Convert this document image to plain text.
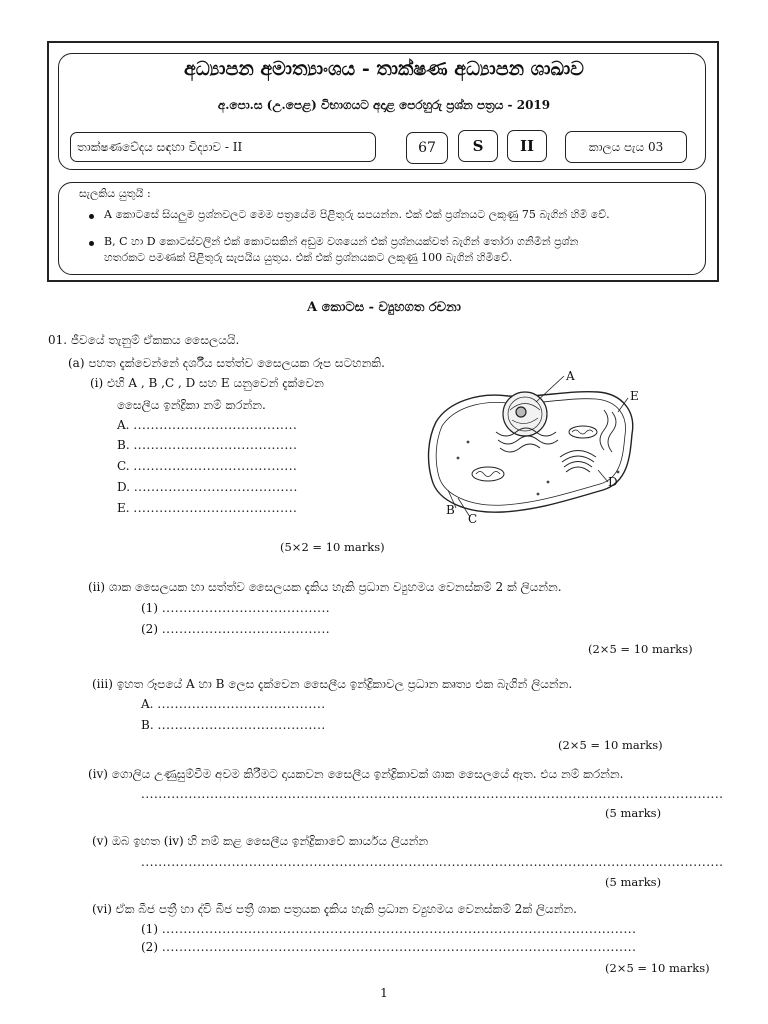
අධ්‍යාපන අමාත්‍යාංශය - තාක්ෂණ අධ්‍යාපන ශාඛාව
අ.පො.ස (උ.පෙළ) විභාගයට අදාළ පෙරහුරු ප්‍රශ්න පත්‍රය - 2019
තාක්ෂණවේදය සඳහා විද්‍යාව - II	67 S II	කාලය පැය 03
සැලකිය යුතුයි :
A කොටසේ සියලුම ප්‍රශ්නවලට මෙම පත්‍රයේම පිළිතුරු සපයන්න. එක් එක් ප්‍රශ්නයට ලකුණු 75 බැගින් හිමි වේ.
B, C හා D කොටස්වලින් එක් කොටසකින් අඩුම වශයෙන් එක් ප්‍රශ්නයක්වත් බැගින් තෝරා ගනිමින් ප්‍රශ්න
හතරකට පමණක් පිළිතුරු සැපයිය යුතුය. එක් එක් ප්‍රශ්නයකට ලකුණු 100 බැගින් හිමිවේ.
A කොටස - ව්‍යුහගත රචනා
01. ජීවයේ තැනුම් ඒකකය සෛලයයි.
(a) පහත දැක්වෙන්නේ දර්ශීය සත්ත්ව සෛලයක රූප සටහනකි.
(i) එහි A , B ,C , D සහ E යනුවෙන් දැක්වෙන
සෛලීය ඉන්ද්‍රිකා නම් කරන්න.
A. ......................................
B. ......................................
C. ......................................
D. ......................................
E. ......................................
(5×2 = 10 marks)
A
E
D
B
C
(ii) ශාක සෛලයක හා සත්ත්ව සෛලයක දැකිය හැකි ප්‍රධාන ව්‍යුහමය වෙනස්කම් 2 ක් ලියන්න.
(1) .......................................
(2) .......................................
(2×5 = 10 marks)
(iii) ඉහත රූපයේ A හා B ලෙස දැක්වෙන සෛලීය ඉන්ද්‍රිකාවල ප්‍රධාන කෘත්‍ය එක බැගින් ලියන්න.
A. .......................................
B. .......................................
(2×5 = 10 marks)
(iv) ගොලිය උණුසුම්වීම අවම කිරීමට දායකවන සෛලීය ඉන්ද්‍රිකාවක් ශාක සෛලයේ ඇත. එය නම් කරන්න.
.......................................................................................................................................
(5 marks)
(v) ඔබ ඉහත (iv) හි නම් කළ සෛලීය ඉන්ද්‍රිකාවේ කාර්යය ලියන්න
.......................................................................................................................................
(5 marks)
(vi) ඒක බීජ පත්‍රී හා ද්වි බීජ පත්‍රී ශාක පත්‍රයක දැකිය හැකි ප්‍රධාන ව්‍යුහමය වෙනස්කම් 2ක් ලියන්න.
(1) ..............................................................................................................
(2) ..............................................................................................................
(2×5 = 10 marks)
1
